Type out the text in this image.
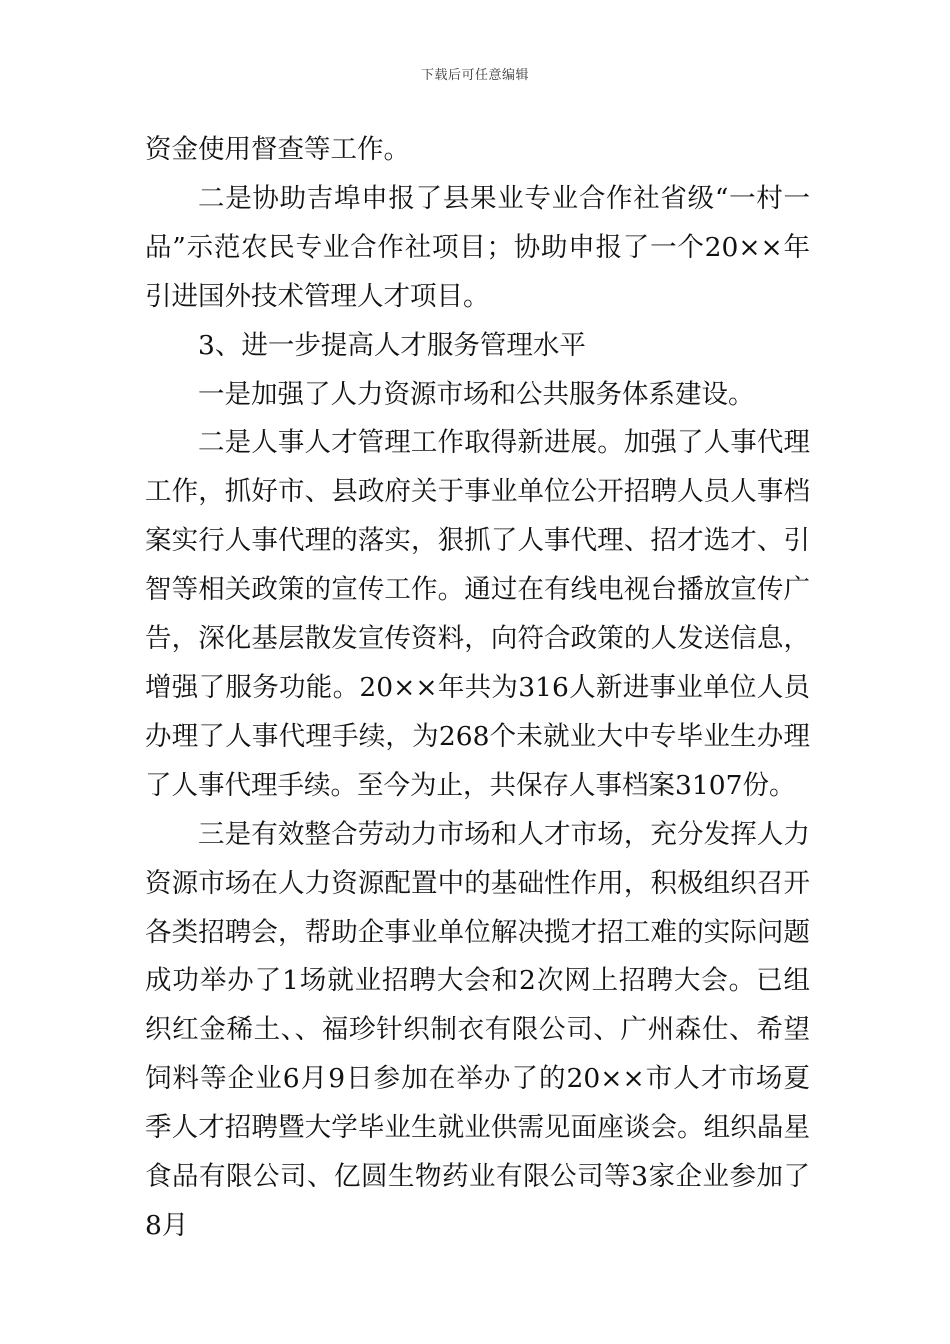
下载后可任意编辑

资金使用督查等工作。

二是协助吉埠申报了县果业专业合作社省级“一村一品”示范农民专业合作社项目；协助申报了一个20××年引进国外技术管理人才项目。

3、进一步提高人才服务管理水平

一是加强了人力资源市场和公共服务体系建设。

二是人事人才管理工作取得新进展。加强了人事代理工作，抓好市、县政府关于事业单位公开招聘人员人事档案实行人事代理的落实，狠抓了人事代理、招才选才、引智等相关政策的宣传工作。通过在有线电视台播放宣传广告，深化基层散发宣传资料，向符合政策的人发送信息，增强了服务功能。20××年共为316人新进事业单位人员办理了人事代理手续，为268个未就业大中专毕业生办理了人事代理手续。至今为止，共保存人事档案3107份。

三是有效整合劳动力市场和人才市场，充分发挥人力资源市场在人力资源配置中的基础性作用，积极组织召开各类招聘会，帮助企事业单位解决揽才招工难的实际问题成功举办了1场就业招聘大会和2次网上招聘大会。已组织红金稀土、、福珍针织制衣有限公司、广州森仕、希望饲料等企业6月9日参加在举办了的20××市人才市场夏季人才招聘暨大学毕业生就业供需见面座谈会。组织晶星食品有限公司、亿圆生物药业有限公司等3家企业参加了8月
